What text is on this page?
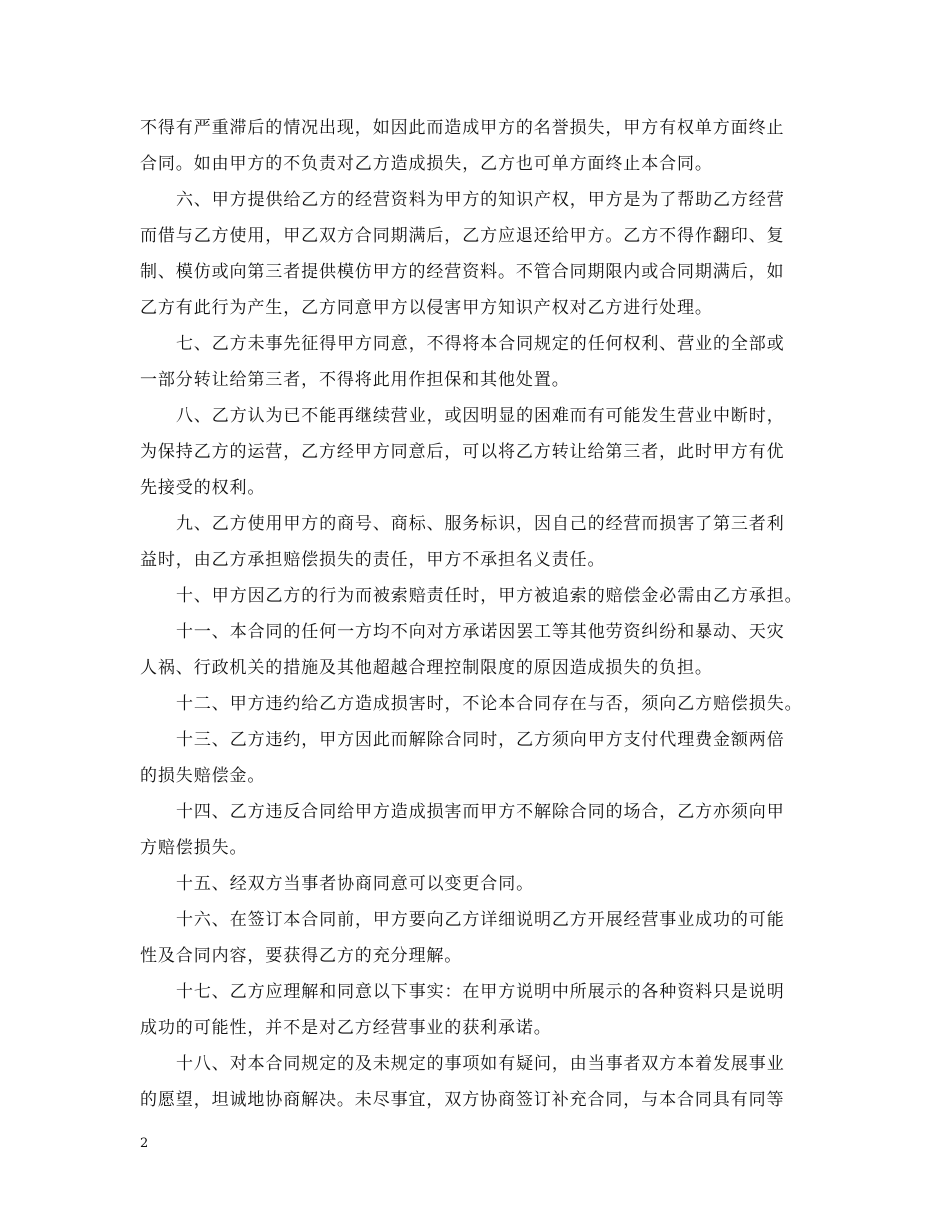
不得有严重滞后的情况出现，如因此而造成甲方的名誉损失，甲方有权单方面终止
合同。如由甲方的不负责对乙方造成损失，乙方也可单方面终止本合同。
六、甲方提供给乙方的经营资料为甲方的知识产权，甲方是为了帮助乙方经营
而借与乙方使用，甲乙双方合同期满后，乙方应退还给甲方。乙方不得作翻印、复
制、模仿或向第三者提供模仿甲方的经营资料。不管合同期限内或合同期满后，如
乙方有此行为产生，乙方同意甲方以侵害甲方知识产权对乙方进行处理。
七、乙方未事先征得甲方同意，不得将本合同规定的任何权利、营业的全部或
一部分转让给第三者，不得将此用作担保和其他处置。
八、乙方认为已不能再继续营业，或因明显的困难而有可能发生营业中断时，
为保持乙方的运营，乙方经甲方同意后，可以将乙方转让给第三者，此时甲方有优
先接受的权利。
九、乙方使用甲方的商号、商标、服务标识，因自己的经营而损害了第三者利
益时，由乙方承担赔偿损失的责任，甲方不承担名义责任。
十、甲方因乙方的行为而被索赔责任时，甲方被追索的赔偿金必需由乙方承担。
十一、本合同的任何一方均不向对方承诺因罢工等其他劳资纠纷和暴动、天灾
人祸、行政机关的措施及其他超越合理控制限度的原因造成损失的负担。
十二、甲方违约给乙方造成损害时，不论本合同存在与否，须向乙方赔偿损失。
十三、乙方违约，甲方因此而解除合同时，乙方须向甲方支付代理费金额两倍
的损失赔偿金。
十四、乙方违反合同给甲方造成损害而甲方不解除合同的场合，乙方亦须向甲
方赔偿损失。
十五、经双方当事者协商同意可以变更合同。
十六、在签订本合同前，甲方要向乙方详细说明乙方开展经营事业成功的可能
性及合同内容，要获得乙方的充分理解。
十七、乙方应理解和同意以下事实：在甲方说明中所展示的各种资料只是说明
成功的可能性，并不是对乙方经营事业的获利承诺。
十八、对本合同规定的及未规定的事项如有疑问，由当事者双方本着发展事业
的愿望，坦诚地协商解决。未尽事宜，双方协商签订补充合同，与本合同具有同等
2
